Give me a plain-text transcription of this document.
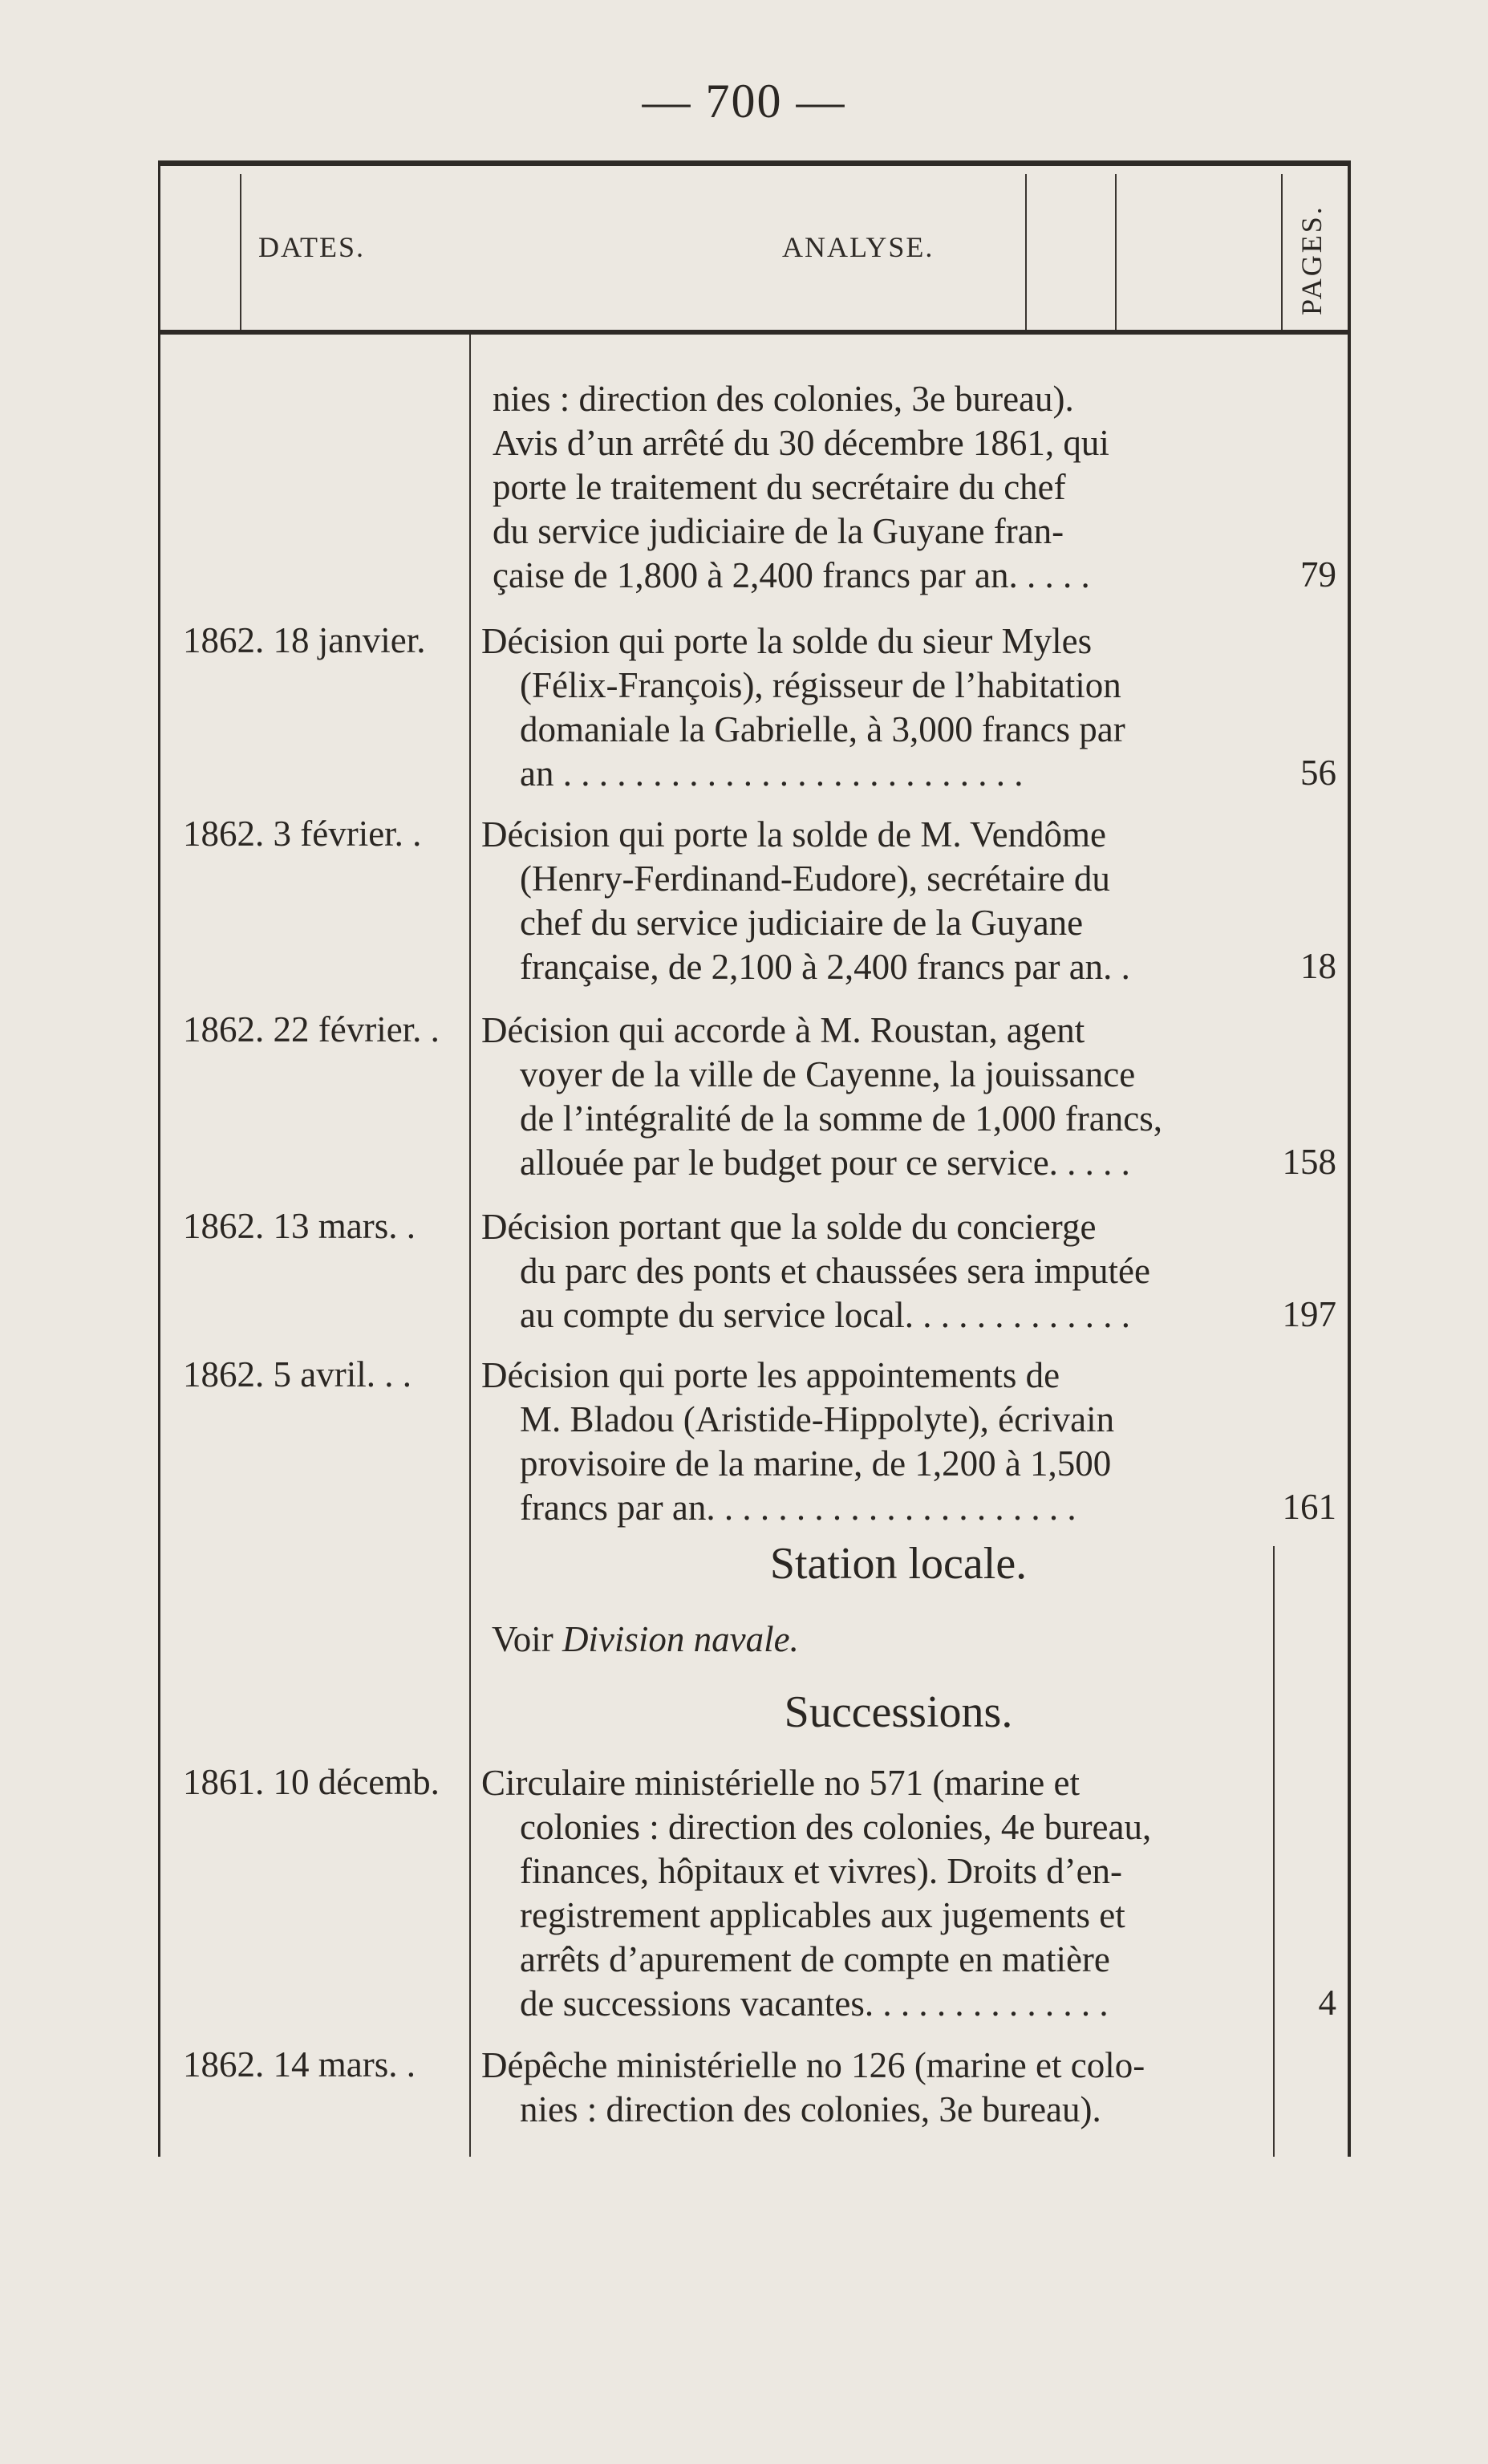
— 700 —
DATES.	ANALYSE.	PAGES.
nies : direction des colonies, 3e bureau).
Avis d’un arrêté du 30 décembre 1861, qui
porte le traitement du secrétaire du chef
du service judiciaire de la Guyane fran-
çaise de 1,800 à 2,400 francs par an. . . . .	79
1862. 18 janvier. Décision qui porte la solde du sieur Myles
(Félix-François), régisseur de l’habitation
domaniale la Gabrielle, à 3,000 francs par
an . . . . . . . . . . . . . . . . . . . . . . . . . .	56
1862. 3 février. . Décision qui porte la solde de M. Vendôme
(Henry-Ferdinand-Eudore), secrétaire du
chef du service judiciaire de la Guyane
française, de 2,100 à 2,400 francs par an. .	18
1862. 22 février. . Décision qui accorde à M. Roustan, agent
voyer de la ville de Cayenne, la jouissance
de l’intégralité de la somme de 1,000 francs,
allouée par le budget pour ce service. . . . .	158
1862. 13 mars. . Décision portant que la solde du concierge
du parc des ponts et chaussées sera imputée
au compte du service local. . . . . . . . . . . . .	197
1862. 5 avril. . . Décision qui porte les appointements de
M. Bladou (Aristide-Hippolyte), écrivain
provisoire de la marine, de 1,200 à 1,500
francs par an. . . . . . . . . . . . . . . . . . . . .	161
Station locale.
Voir Division navale.
Successions.
1861. 10 décemb. Circulaire ministérielle no 571 (marine et
colonies : direction des colonies, 4e bureau,
finances, hôpitaux et vivres). Droits d’en-
registrement applicables aux jugements et
arrêts d’apurement de compte en matière
de successions vacantes. . . . . . . . . . . . . .	4
1862. 14 mars. . Dépêche ministérielle no 126 (marine et colo-
nies : direction des colonies, 3e bureau).
